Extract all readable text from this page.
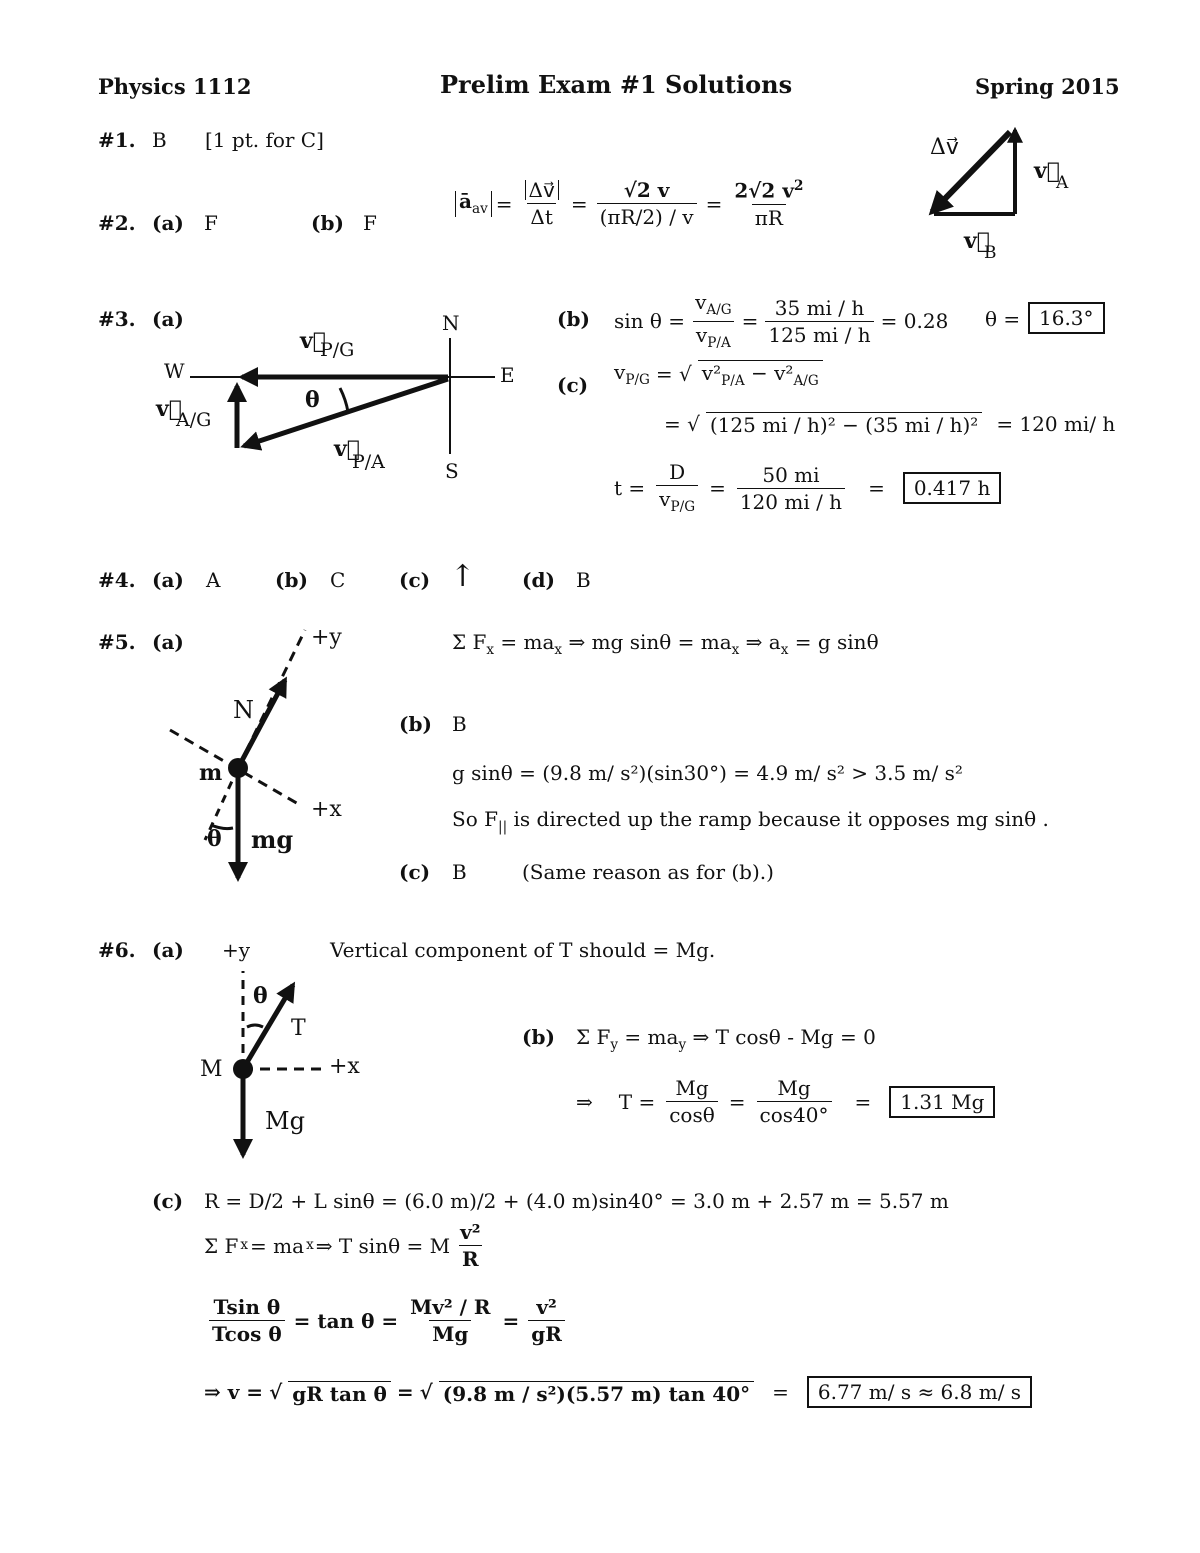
Physics 1112	Prelim Exam #1 Solutions	Spring 2015
#1. B [1 pt. for C]
#2. (a) F	(b) F
$ā_{av} = \frac{\Delta v⃗}{\Delta t} = \frac{√2 v}{(\pi R/2) / v} = \frac{2√2 v^2}{\pi R}$
Δv⃗
v⃗
A
v⃗
B
#3. (a)	N
S
E
W
θ
v⃗
P/G
v⃗
A/G
v⃗
P/A
(b) $\sin \theta = \frac{v_{A/G}}{v_{P/A}} = \frac{35 mi / h}{125 mi / h} = 0.28$ θ = 16.3°
(c)
$v_{P/G}$ = √ $v^2_{P/A} - v^2_{A/G}$
= √ (125 mi / h)² − (35 mi / h)² = 120 mi/ h
$t = \frac{D}{v_{P/G}} = \frac{50 mi}{120 mi / h}$ =	0.417 h
#4. (a) A	(b) C	(c) ↑ (d) B
#5. (a)	+y
+x
N
m
mg
θ
Σ $F_x = ma_x$ ⇒ mg $\sin\theta = ma_x$ ⇒ $a_x = g$ sinθ
(b) B
g sinθ = (9.8 m/ s²)(sin30°) = 4.9 m/ s² > 3.5 m/ s²
So $F_{||}$ is directed up the ramp because it opposes mg sinθ .
(c) B	(Same reason as for (b).)
#6. (a) +y	Vertical component of T should = Mg.
θ
T
M	+x
Mg
(b) Σ $F_y = ma_y$ ⇒ T cosθ - Mg = 0
⇒ $T = \frac{Mg}{\cos\theta} = \frac{Mg}{\cos 40^\circ}$ =	1.31 Mg
(c) R = D/2 + L sinθ = (6.0 m)/2 + (4.0 m)sin40° = 3.0 m + 2.57 m = 5.57 m
Σ F x = ma x ⇒ T sinθ = M $\frac{\text{v²}}{R}$
$\frac{\text{Tsin θ}}{\text{Tcos θ}} = \tan \theta = \frac{\text{Mv² / R}}{Mg} = \frac{\text{v²}}{gR}$
⇒ v = √ gR tan θ = √ (9.8 m / s²)(5.57 m) tan 40° =	6.77 m/ s ≈ 6.8 m/ s
